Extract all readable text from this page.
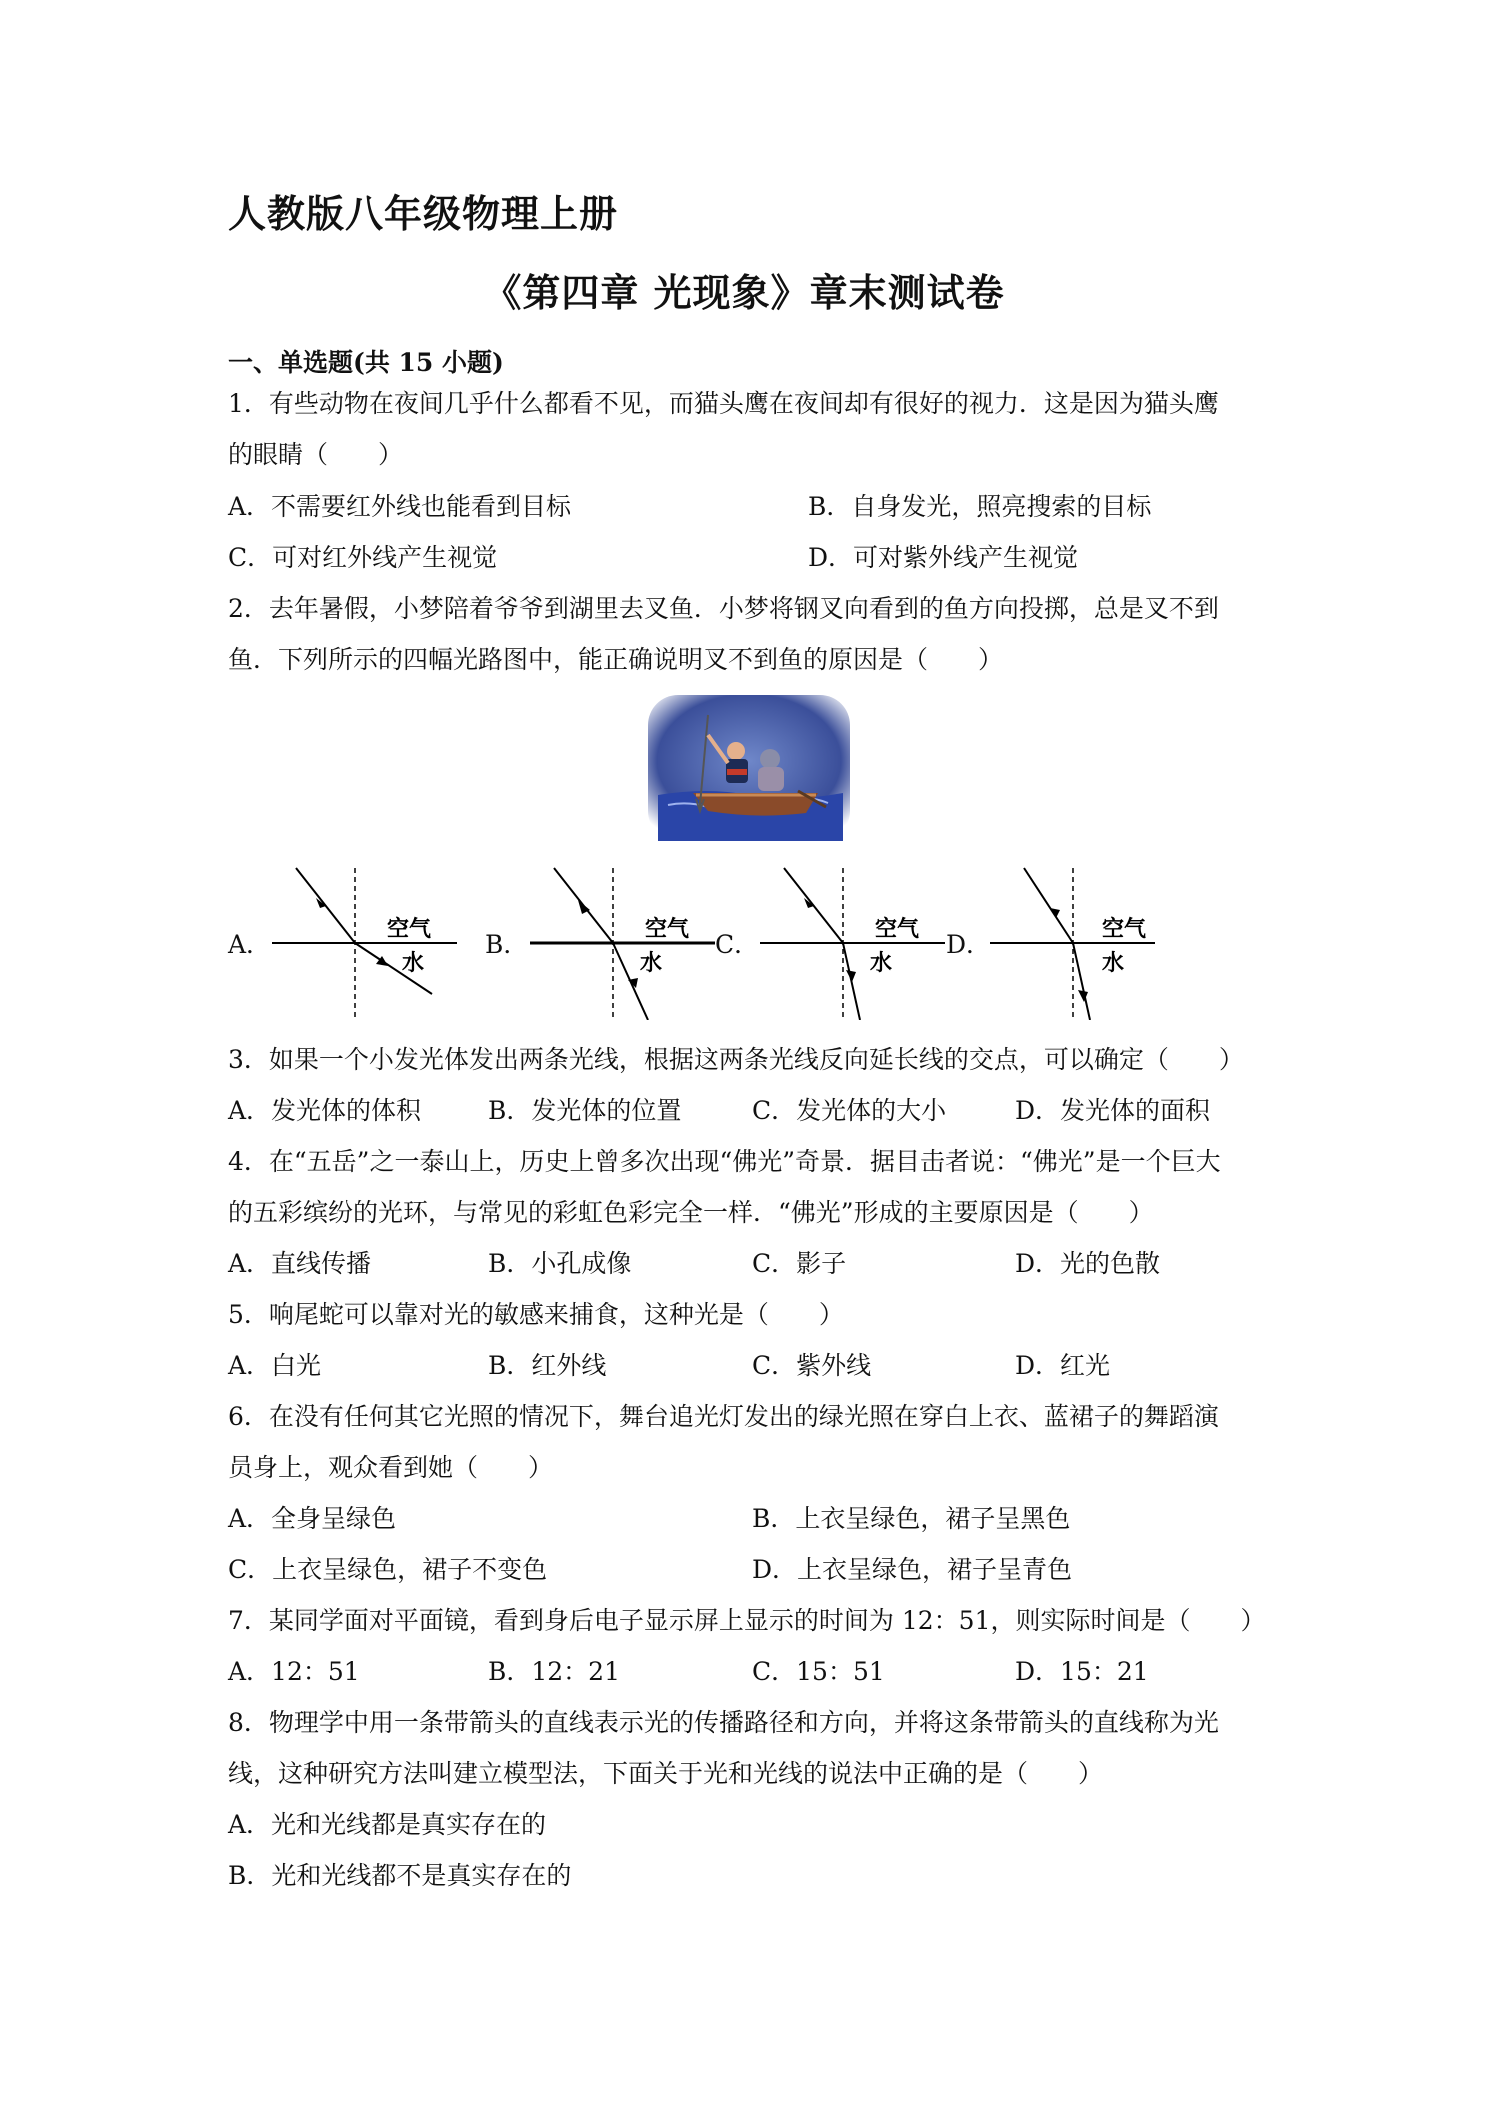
人教版八年级物理上册
《第四章 光现象》章末测试卷
一、单选题(共 15 小题)
1．有些动物在夜间几乎什么都看不见，而猫头鹰在夜间却有很好的视力．这是因为猫头鹰
的眼睛（　　）
A．不需要红外线也能看到目标	B．自身发光，照亮搜索的目标
C．可对红外线产生视觉	D．可对紫外线产生视觉
2．去年暑假，小梦陪着爷爷到湖里去叉鱼．小梦将钢叉向看到的鱼方向投掷，总是叉不到
鱼．下列所示的四幅光路图中，能正确说明叉不到鱼的原因是（　　）
A．	B．	C．	D．
空气
水
空气
水
空气
水
空气
水
3．如果一个小发光体发出两条光线，根据这两条光线反向延长线的交点，可以确定（　　）
A．发光体的体积	B．发光体的位置	C．发光体的大小	D．发光体的面积
4．在“五岳”之一泰山上，历史上曾多次出现“佛光”奇景．据目击者说：“佛光”是一个巨大
的五彩缤纷的光环，与常见的彩虹色彩完全一样．“佛光”形成的主要原因是（　　）
A．直线传播	B．小孔成像	C．影子	D．光的色散
5．响尾蛇可以靠对光的敏感来捕食，这种光是（　　）
A．白光	B．红外线	C．紫外线	D．红光
6．在没有任何其它光照的情况下，舞台追光灯发出的绿光照在穿白上衣、蓝裙子的舞蹈演
员身上，观众看到她（　　）
A．全身呈绿色	B．上衣呈绿色，裙子呈黑色
C．上衣呈绿色，裙子不变色	D．上衣呈绿色，裙子呈青色
7．某同学面对平面镜，看到身后电子显示屏上显示的时间为 12：51，则实际时间是（　　）
A．12：51	B．12：21	C．15：51	D．15：21
8．物理学中用一条带箭头的直线表示光的传播路径和方向，并将这条带箭头的直线称为光
线，这种研究方法叫建立模型法，下面关于光和光线的说法中正确的是（　　）
A．光和光线都是真实存在的
B．光和光线都不是真实存在的
